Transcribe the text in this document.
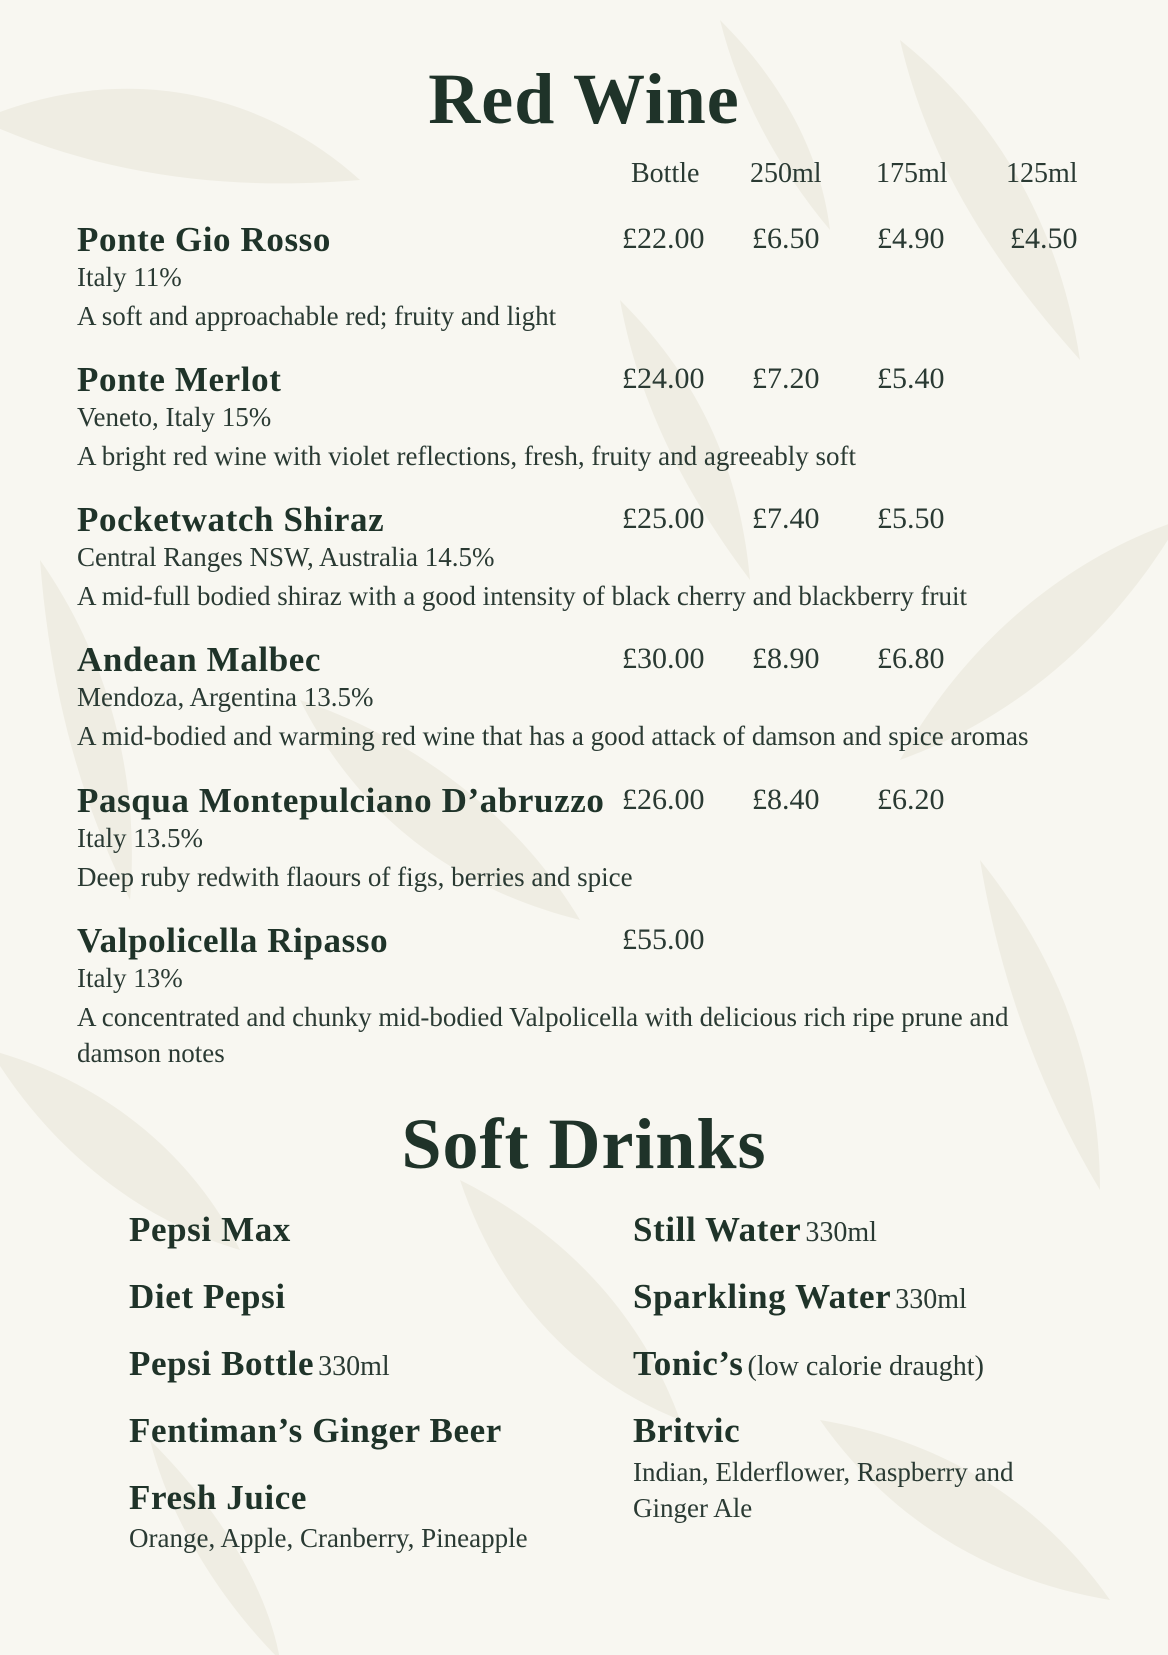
Red Wine
Bottle 250ml 175ml 125ml
Ponte Gio Rosso	£22.00 £6.50 £4.90 £4.50
Italy 11%
A soft and approachable red; fruity and light
Ponte Merlot	£24.00 £7.20 £5.40
Veneto, Italy 15%
A bright red wine with violet reflections, fresh, fruity and agreeably soft
Pocketwatch Shiraz	£25.00 £7.40 £5.50
Central Ranges NSW, Australia 14.5%
A mid-full bodied shiraz with a good intensity of black cherry and blackberry fruit
Andean Malbec	£30.00 £8.90 £6.80
Mendoza, Argentina 13.5%
A mid-bodied and warming red wine that has a good attack of damson and spice aromas
Pasqua Montepulciano D’abruzzo £26.00 £8.40 £6.20
Italy 13.5%
Deep ruby redwith flaours of figs, berries and spice
Valpolicella Ripasso	£55.00
Italy 13%
A concentrated and chunky mid-bodied Valpolicella with delicious rich ripe prune and damson notes
Soft Drinks
Pepsi Max
Diet Pepsi
Pepsi Bottle 330ml
Fentiman’s Ginger Beer
Fresh Juice
Orange, Apple, Cranberry, Pineapple
Still Water 330ml
Sparkling Water 330ml
Tonic’s (low calorie draught)
Britvic
Indian, Elderflower, Raspberry and Ginger Ale
